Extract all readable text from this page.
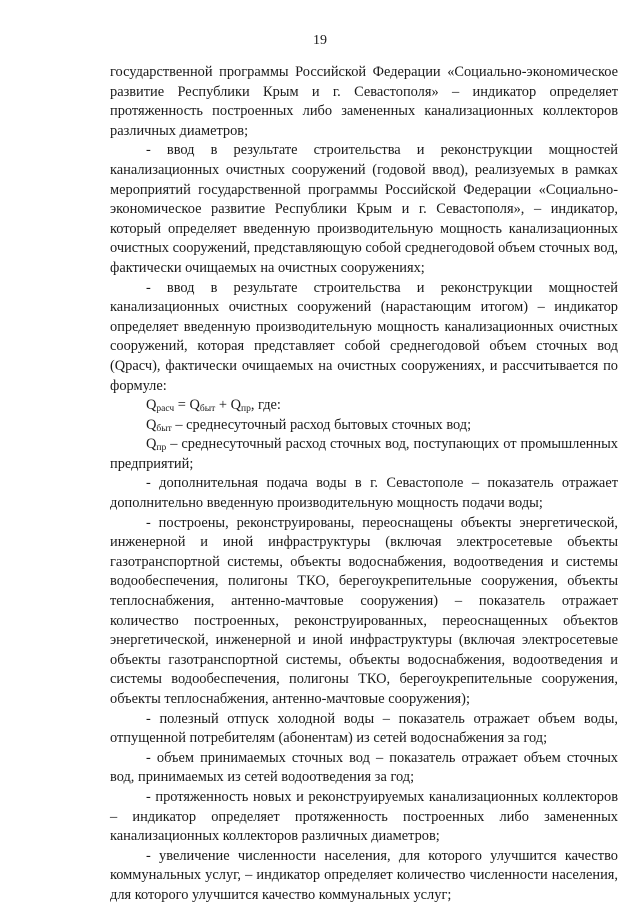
19

государственной программы Российской Федерации «Социально-экономическое развитие Республики Крым и г. Севастополя» – индикатор определяет протяженность построенных либо замененных канализационных коллекторов различных диаметров;

- ввод в результате строительства и реконструкции мощностей канализационных очистных сооружений (годовой ввод), реализуемых в рамках мероприятий государственной программы Российской Федерации «Социально-экономическое развитие Республики Крым и г. Севастополя», – индикатор, который определяет введенную производительную мощность канализационных очистных сооружений, представляющую собой среднегодовой объем сточных вод, фактически очищаемых на очистных сооружениях;

- ввод в результате строительства и реконструкции мощностей канализационных очистных сооружений (нарастающим итогом) – индикатор определяет введенную производительную мощность канализационных очистных сооружений, которая представляет собой среднегодовой объем сточных вод (Qрасч), фактически очищаемых на очистных сооружениях, и рассчитывается по формуле:

$Q_{расч} = Q_{быт} + Q_{пр}$, где:

$Q_{быт}$ – среднесуточный расход бытовых сточных вод;

$Q_{пр}$ – среднесуточный расход сточных вод, поступающих от промышленных предприятий;

- дополнительная подача воды в г. Севастополе – показатель отражает дополнительно введенную производительную мощность подачи воды;

- построены, реконструированы, переоснащены объекты энергетической, инженерной и иной инфраструктуры (включая электросетевые объекты газотранспортной системы, объекты водоснабжения, водоотведения и системы водообеспечения, полигоны ТКО, берегоукрепительные сооружения, объекты теплоснабжения, антенно-мачтовые сооружения) – показатель отражает количество построенных, реконструированных, переоснащенных объектов энергетической, инженерной и иной инфраструктуры (включая электросетевые объекты газотранспортной системы, объекты водоснабжения, водоотведения и системы водообеспечения, полигоны ТКО, берегоукрепительные сооружения, объекты теплоснабжения, антенно-мачтовые сооружения);

- полезный отпуск холодной воды – показатель отражает объем воды, отпущенной потребителям (абонентам) из сетей водоснабжения за год;

- объем принимаемых сточных вод – показатель отражает объем сточных вод, принимаемых из сетей водоотведения за год;

- протяженность новых и реконструируемых канализационных коллекторов – индикатор определяет протяженность построенных либо замененных канализационных коллекторов различных диаметров;

- увеличение численности населения, для которого улучшится качество коммунальных услуг, – индикатор определяет количество численности населения, для которого улучшится качество коммунальных услуг;
